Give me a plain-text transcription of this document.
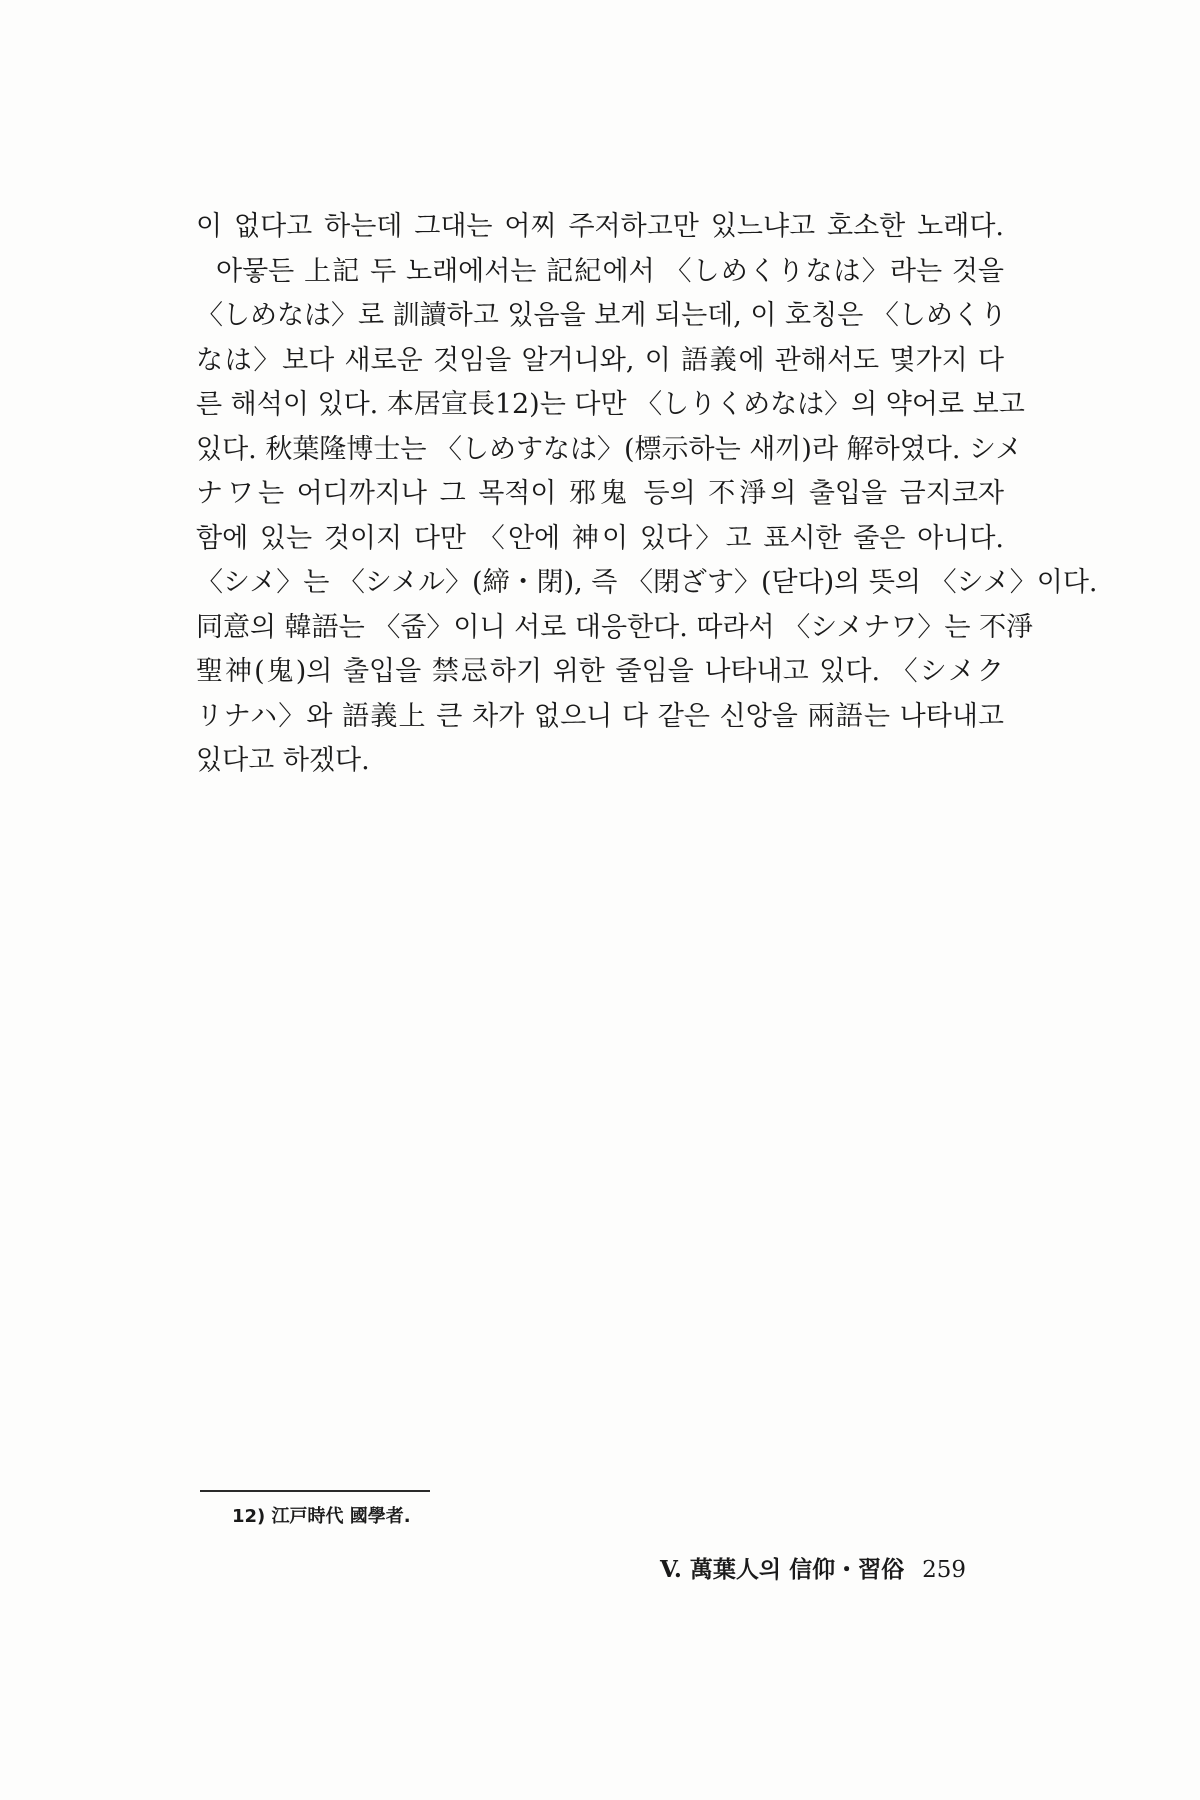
이 없다고 하는데 그대는 어찌 주저하고만 있느냐고 호소한 노래다.
아뭏든 上記 두 노래에서는 記紀에서 〈しめくりなは〉라는 것을
〈しめなは〉로 訓讀하고 있음을 보게 되는데, 이 호칭은 〈しめくり
なは〉보다 새로운 것임을 알거니와, 이 語義에 관해서도 몇가지 다
른 해석이 있다. 本居宣長12)는 다만 〈しりくめなは〉의 약어로 보고
있다. 秋葉隆博士는 〈しめすなは〉(標示하는 새끼)라 解하였다. シメ
ナワ는 어디까지나 그 목적이 邪鬼 등의 不淨의 출입을 금지코자
함에 있는 것이지 다만 〈안에 神이 있다〉고 표시한 줄은 아니다.
〈シメ〉는 〈シメル〉(締・閉), 즉 〈閉ざす〉(닫다)의 뜻의 〈シメ〉이다.
同意의 韓語는 〈줍〉이니 서로 대응한다. 따라서 〈シメナワ〉는 不淨
聖神(鬼)의 출입을 禁忌하기 위한 줄임을 나타내고 있다. 〈シメク
リナハ〉와 語義上 큰 차가 없으니 다 같은 신앙을 兩語는 나타내고
있다고 하겠다.
12) 江戸時代 國學者.
V. 萬葉人의 信仰・習俗 259
